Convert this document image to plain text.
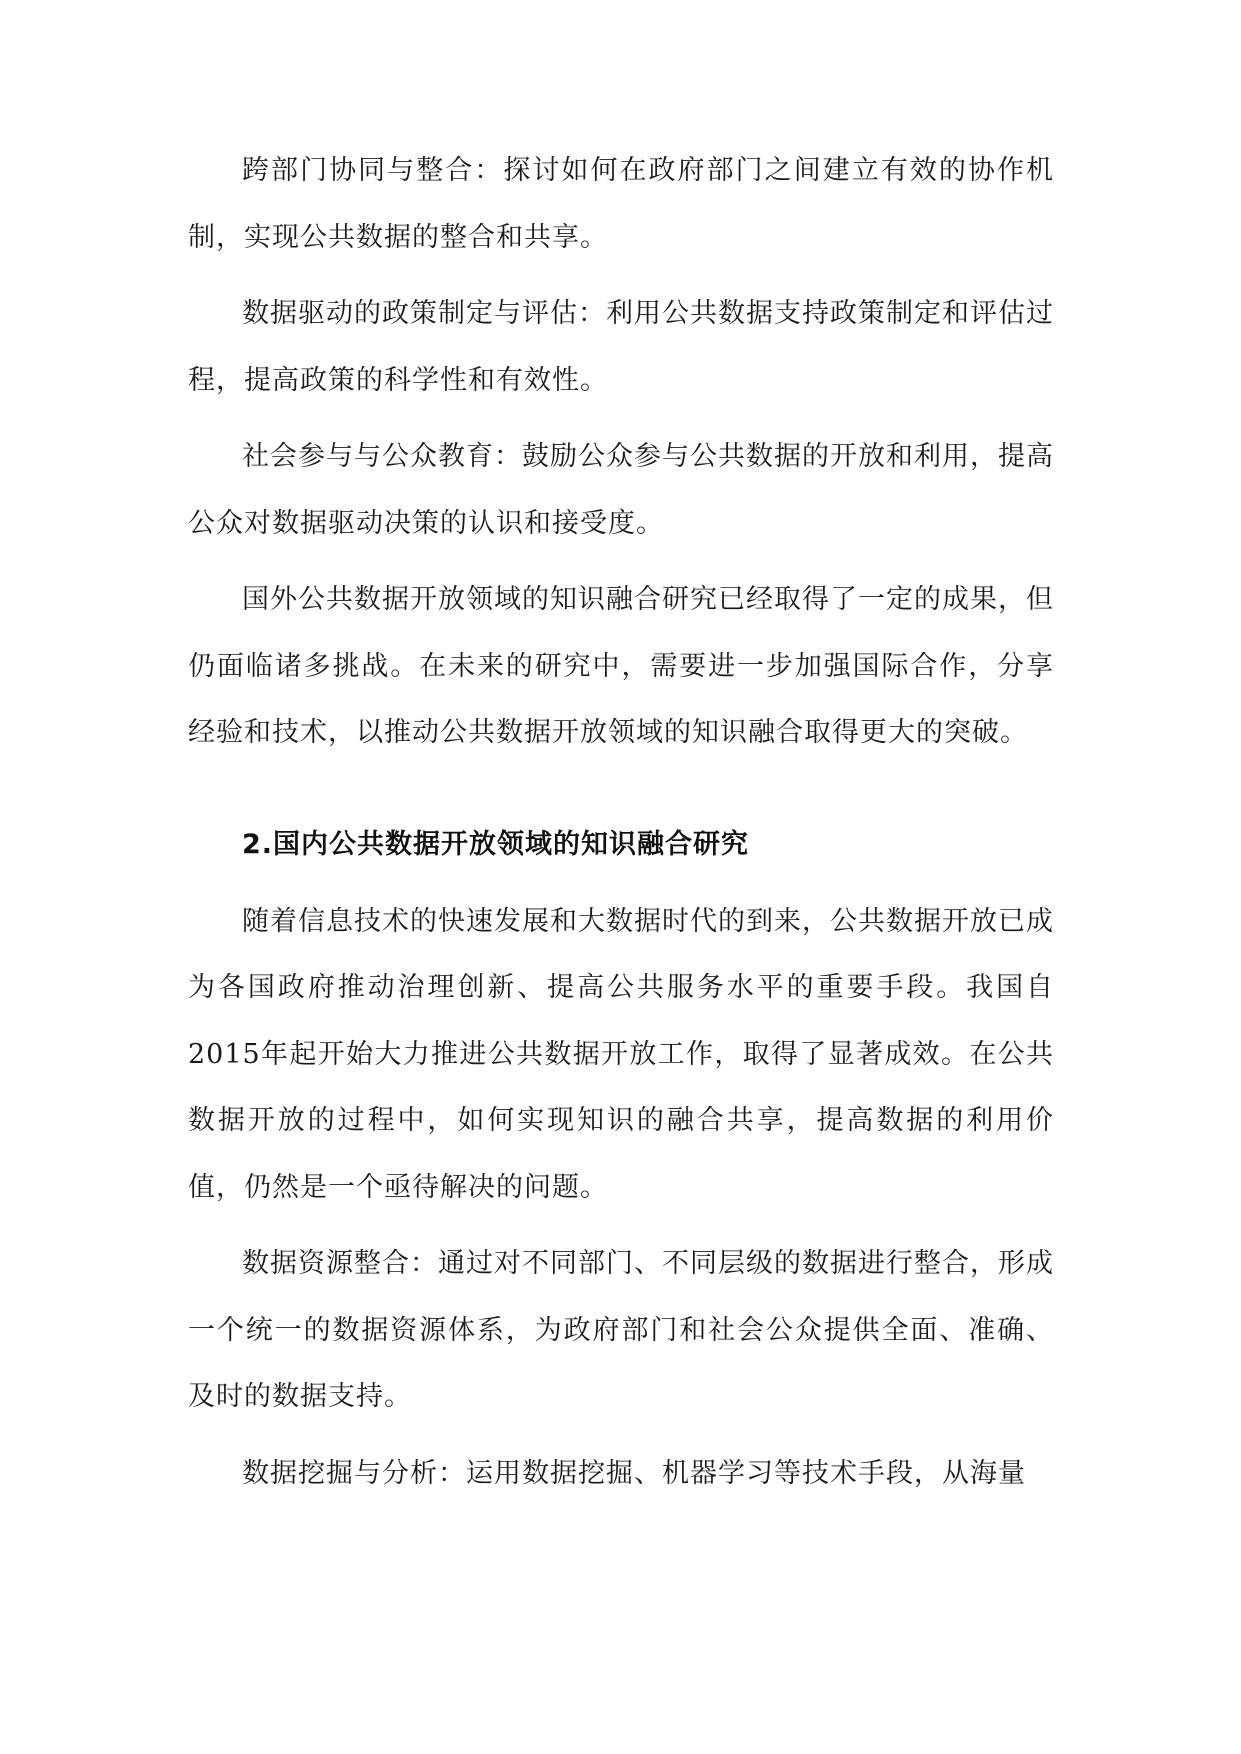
跨部门协同与整合：探讨如何在政府部门之间建立有效的协作机制，实现公共数据的整合和共享。

数据驱动的政策制定与评估：利用公共数据支持政策制定和评估过程，提高政策的科学性和有效性。

社会参与与公众教育：鼓励公众参与公共数据的开放和利用，提高公众对数据驱动决策的认识和接受度。

国外公共数据开放领域的知识融合研究已经取得了一定的成果，但仍面临诸多挑战。在未来的研究中，需要进一步加强国际合作，分享经验和技术，以推动公共数据开放领域的知识融合取得更大的突破。

2.国内公共数据开放领域的知识融合研究

随着信息技术的快速发展和大数据时代的到来，公共数据开放已成为各国政府推动治理创新、提高公共服务水平的重要手段。我国自2015年起开始大力推进公共数据开放工作，取得了显著成效。在公共数据开放的过程中，如何实现知识的融合共享，提高数据的利用价值，仍然是一个亟待解决的问题。

数据资源整合：通过对不同部门、不同层级的数据进行整合，形成一个统一的数据资源体系，为政府部门和社会公众提供全面、准确、及时的数据支持。

数据挖掘与分析：运用数据挖掘、机器学习等技术手段，从海量
